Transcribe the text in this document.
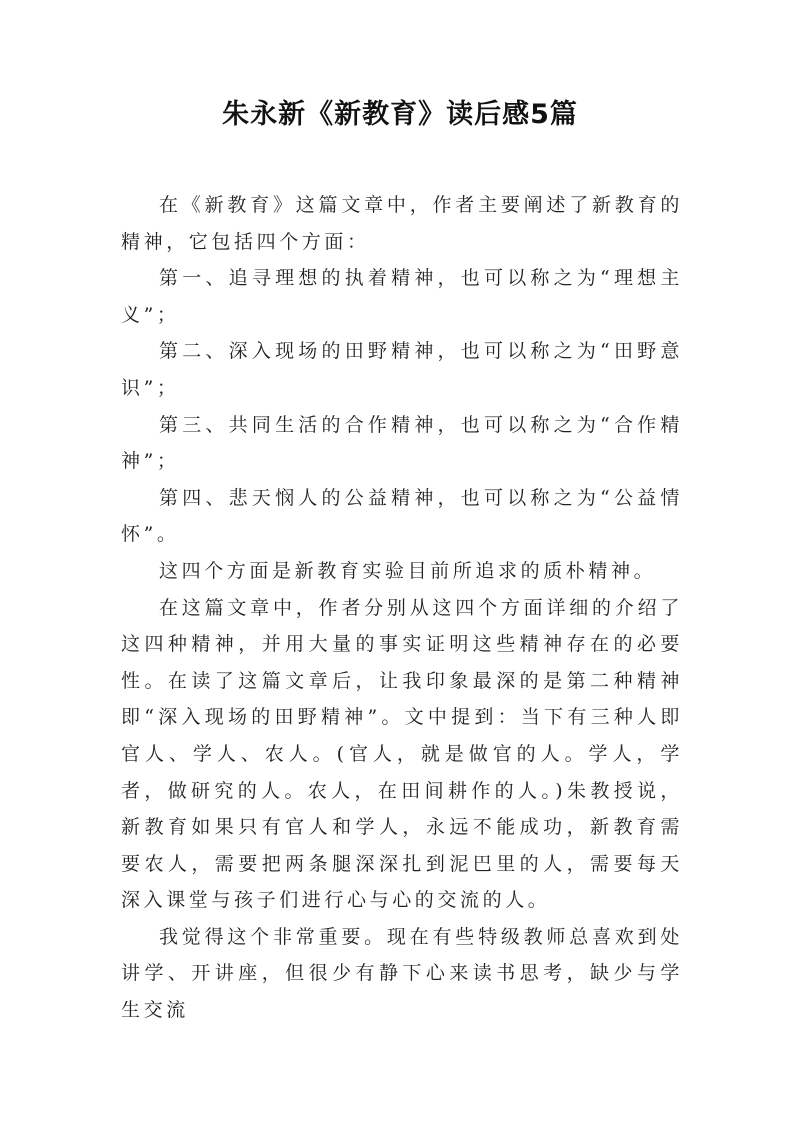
朱永新《新教育》读后感5篇

在《新教育》这篇文章中，作者主要阐述了新教育的精神，它包括四个方面：

第一、追寻理想的执着精神，也可以称之为“理想主义”；

第二、深入现场的田野精神，也可以称之为“田野意识”；

第三、共同生活的合作精神，也可以称之为“合作精神”；

第四、悲天悯人的公益精神，也可以称之为“公益情怀”。

这四个方面是新教育实验目前所追求的质朴精神。

在这篇文章中，作者分别从这四个方面详细的介绍了这四种精神，并用大量的事实证明这些精神存在的必要性。在读了这篇文章后，让我印象最深的是第二种精神即“深入现场的田野精神”。文中提到：当下有三种人即官人、学人、农人。(官人，就是做官的人。学人，学者，做研究的人。农人，在田间耕作的人。)朱教授说，新教育如果只有官人和学人，永远不能成功，新教育需要农人，需要把两条腿深深扎到泥巴里的人，需要每天深入课堂与孩子们进行心与心的交流的人。

我觉得这个非常重要。现在有些特级教师总喜欢到处讲学、开讲座，但很少有静下心来读书思考，缺少与学生交流
